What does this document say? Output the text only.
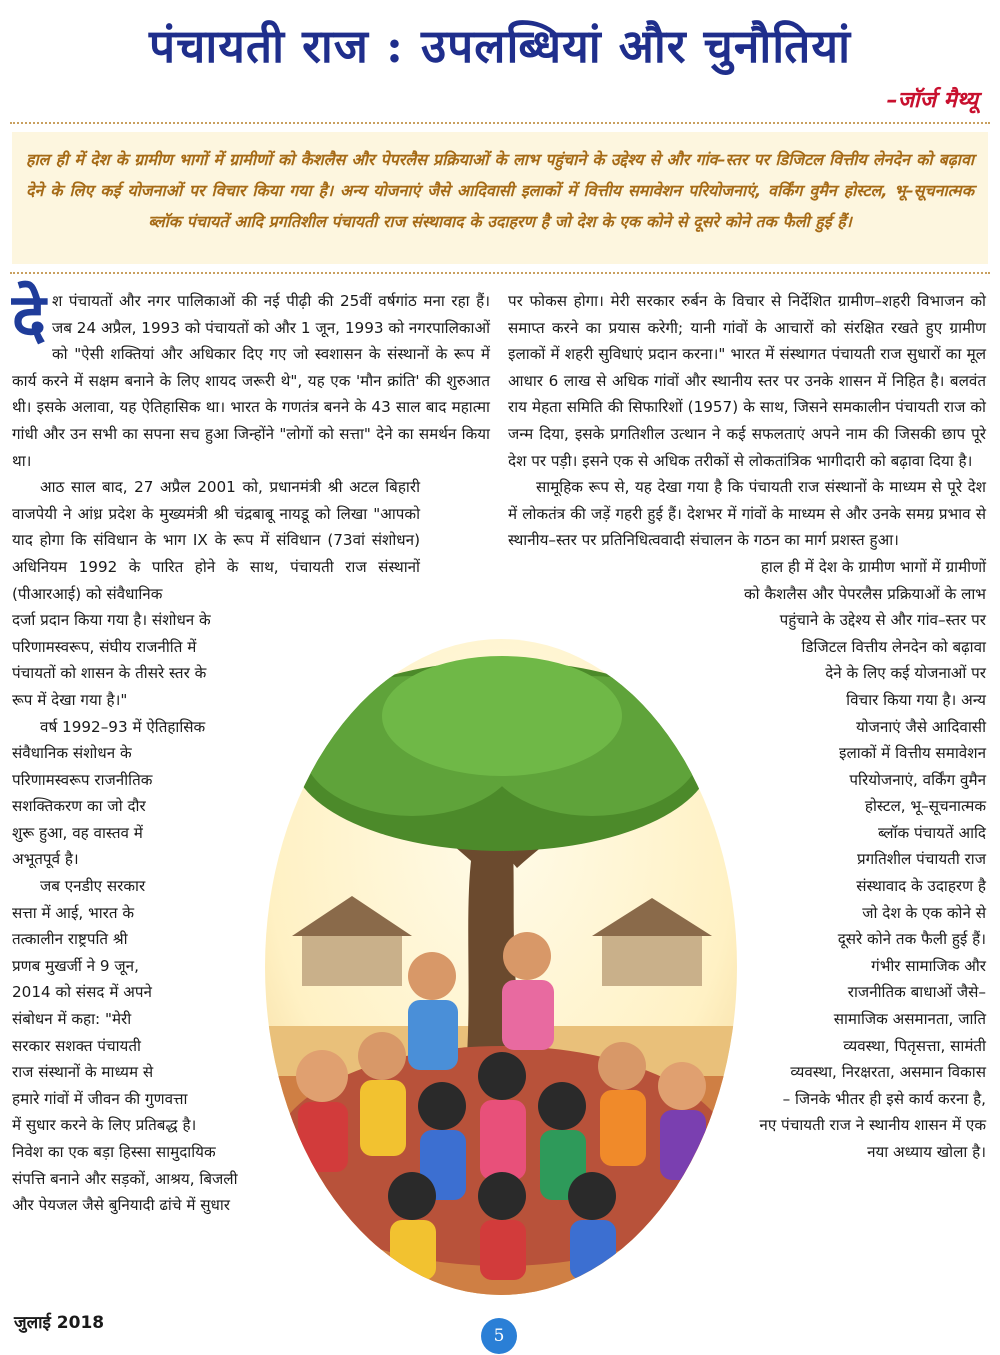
पंचायती राज : उपलब्धियां और चुनौतियां
–जॉर्ज मैथ्यू

हाल ही में देश के ग्रामीण भागों में ग्रामीणों को कैशलैस और पेपरलैस प्रक्रियाओं के लाभ पहुंचाने के उद्देश्य से और गांव–स्तर पर डिजिटल वित्तीय लेनदेन को बढ़ावा देने के लिए कई योजनाओं पर विचार किया गया है। अन्य योजनाएं जैसे आदिवासी इलाकों में वित्तीय समावेशन परियोजनाएं, वर्किंग वुमैन होस्टल, भू–सूचनात्मक ब्लॉक पंचायतें आदि प्रगतिशील पंचायती राज संस्थावाद के उदाहरण है जो देश के एक कोने से दूसरे कोने तक फैली हुई हैं।

देश पंचायतों और नगर पालिकाओं की नई पीढ़ी की 25वीं वर्षगांठ मना रहा हैं। जब 24 अप्रैल, 1993 को पंचायतों को और 1 जून, 1993 को नगरपालिकाओं को "ऐसी शक्तियां और अधिकार दिए गए जो स्वशासन के संस्थानों के रूप में कार्य करने में सक्षम बनाने के लिए शायद जरूरी थे", यह एक 'मौन क्रांति' की शुरुआत थी। इसके अलावा, यह ऐतिहासिक था। भारत के गणतंत्र बनने के 43 साल बाद महात्मा गांधी और उन सभी का सपना सच हुआ जिन्होंने "लोगों को सत्ता" देने का समर्थन किया था।

आठ साल बाद, 27 अप्रैल 2001 को, प्रधानमंत्री श्री अटल बिहारी वाजपेयी ने आंध्र प्रदेश के मुख्यमंत्री श्री चंद्रबाबू नायडू को लिखा "आपको याद होगा कि संविधान के भाग IX के रूप में संविधान (73वां संशोधन) अधिनियम 1992 के पारित होने के साथ, पंचायती राज संस्थानों (पीआरआई) को संवैधानिक

दर्जा प्रदान किया गया है। संशोधन के

परिणामस्वरूप, संघीय राजनीति में

पंचायतों को शासन के तीसरे स्तर के

रूप में देखा गया है।"

वर्ष 1992–93 में ऐतिहासिक

संवैधानिक संशोधन के

परिणामस्वरूप राजनीतिक

सशक्तिकरण का जो दौर

शुरू हुआ, वह वास्तव में

अभूतपूर्व है।

जब एनडीए सरकार

सत्ता में आई, भारत के

तत्कालीन राष्ट्रपति श्री

प्रणब मुखर्जी ने 9 जून,

2014 को संसद में अपने

संबोधन में कहा: "मेरी

सरकार सशक्त पंचायती

राज संस्थानों के माध्यम से

हमारे गांवों में जीवन की गुणवत्ता

में सुधार करने के लिए प्रतिबद्ध है।

निवेश का एक बड़ा हिस्सा सामुदायिक

संपत्ति बनाने और सड़कों, आश्रय, बिजली

और पेयजल जैसे बुनियादी ढांचे में सुधार

पर फोकस होगा। मेरी सरकार रुर्बन के विचार से निर्देशित ग्रामीण–शहरी विभाजन को समाप्त करने का प्रयास करेगी; यानी गांवों के आचारों को संरक्षित रखते हुए ग्रामीण इलाकों में शहरी सुविधाएं प्रदान करना।" भारत में संस्थागत पंचायती राज सुधारों का मूल आधार 6 लाख से अधिक गांवों और स्थानीय स्तर पर उनके शासन में निहित है। बलवंत राय मेहता समिति की सिफारिशों (1957) के साथ, जिसने समकालीन पंचायती राज को जन्म दिया, इसके प्रगतिशील उत्थान ने कई सफलताएं अपने नाम की जिसकी छाप पूरे देश पर पड़ी। इसने एक से अधिक तरीकों से लोकतांत्रिक भागीदारी को बढ़ावा दिया है।

सामूहिक रूप से, यह देखा गया है कि पंचायती राज संस्थानों के माध्यम से पूरे देश में लोकतंत्र की जड़ें गहरी हुई हैं। देशभर में गांवों के माध्यम से और उनके समग्र प्रभाव से स्थानीय–स्तर पर प्रतिनिधित्ववादी संचालन के गठन का मार्ग प्रशस्त हुआ।

हाल ही में देश के ग्रामीण भागों में ग्रामीणों

को कैशलैस और पेपरलैस प्रक्रियाओं के लाभ

पहुंचाने के उद्देश्य से और गांव–स्तर पर

डिजिटल वित्तीय लेनदेन को बढ़ावा

देने के लिए कई योजनाओं पर

विचार किया गया है। अन्य

योजनाएं जैसे आदिवासी

इलाकों में वित्तीय समावेशन

परियोजनाएं, वर्किंग वुमैन

होस्टल, भू–सूचनात्मक

ब्लॉक पंचायतें आदि

प्रगतिशील पंचायती राज

संस्थावाद के उदाहरण है

जो देश के एक कोने से

दूसरे कोने तक फैली हुई हैं।

गंभीर सामाजिक और

राजनीतिक बाधाओं जैसे–

सामाजिक असमानता, जाति

व्यवस्था, पितृसत्ता, सामंती

व्यवस्था, निरक्षरता, असमान विकास

– जिनके भीतर ही इसे कार्य करना है,

नए पंचायती राज ने स्थानीय शासन में एक

नया अध्याय खोला है।

जुलाई 2018
5
